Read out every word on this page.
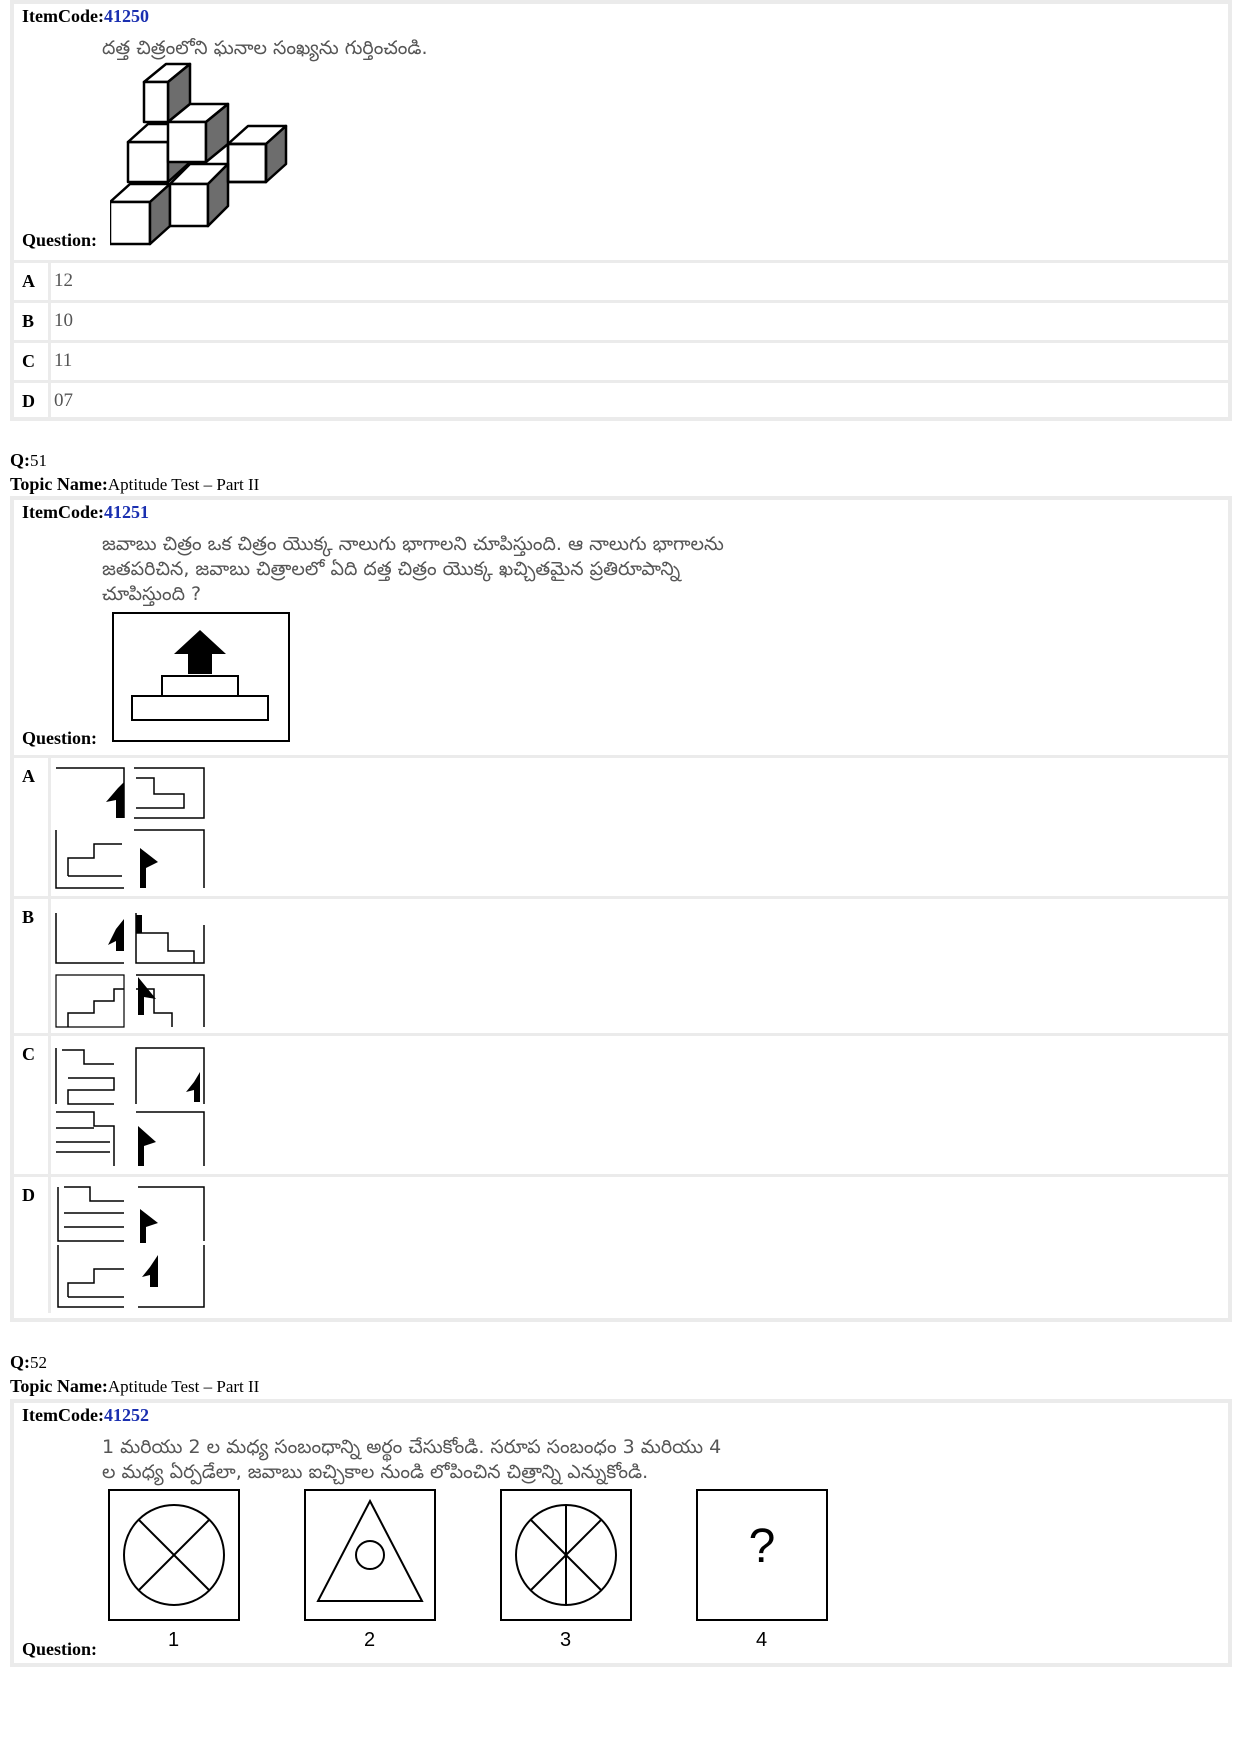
ItemCode:41250
దత్త చిత్రంలోని ఘనాల సంఖ్యను గుర్తించండి.
Question:
A	12
B	10
C	11
D	07
Q:51
Topic Name:Aptitude Test – Part II
ItemCode:41251
జవాబు చిత్రం ఒక చిత్రం యొక్క నాలుగు భాగాలని చూపిస్తుంది. ఆ నాలుగు భాగాలను
జతపరిచిన, జవాబు చిత్రాలలో ఏది దత్త చిత్రం యొక్క ఖచ్చితమైన ప్రతిరూపాన్ని
చూపిస్తుంది ?
Question:
A
B
C
D
Q:52
Topic Name:Aptitude Test – Part II
ItemCode:41252
1 మరియు 2 ల మధ్య సంబంధాన్ని అర్థం చేసుకోండి. సరూప సంబంధం 3 మరియు 4
ల మధ్య ఏర్పడేలా, జవాబు ఐచ్చికాల నుండి లోపించిన చిత్రాన్ని ఎన్నుకోండి.
Question:
?
1	2	3	4
